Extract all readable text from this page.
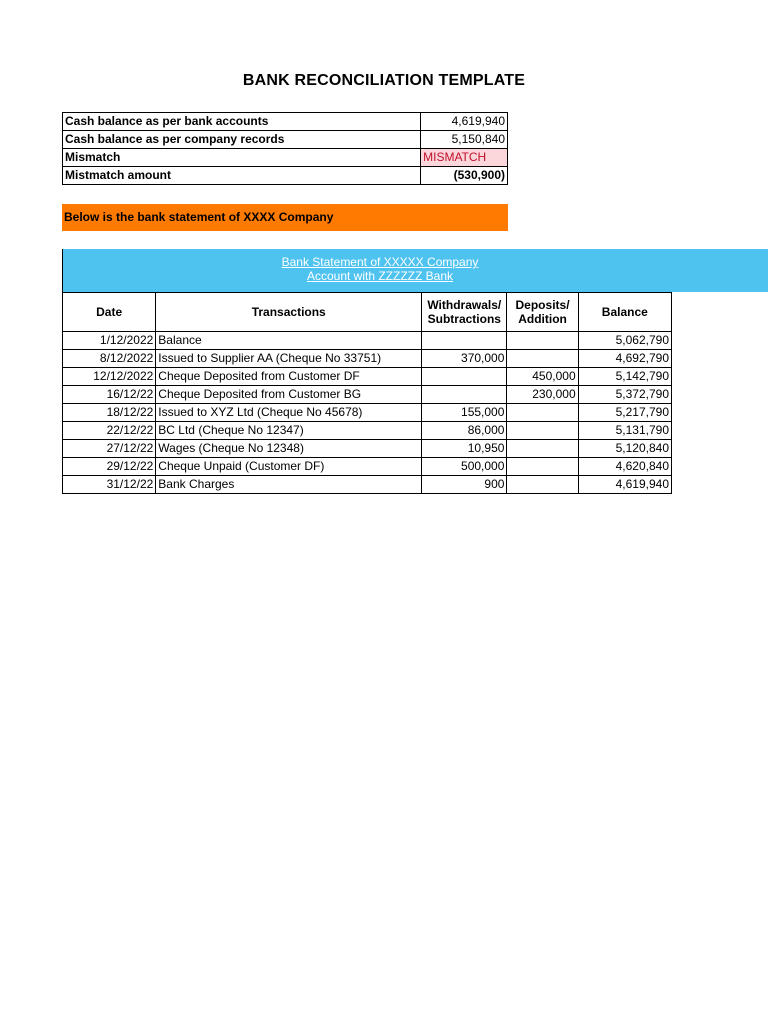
BANK RECONCILIATION TEMPLATE
Cash balance as per bank accounts	4,619,940
Cash balance as per company records	5,150,840
Mismatch	MISMATCH
Mistmatch amount	(530,900)
Below is the bank statement of XXXX Company
Bank Statement of XXXXX Company
Account with ZZZZZZ Bank
Date	Transactions	Withdrawals/ Subtractions	Deposits/ Addition	Balance
1/12/2022	Balance			5,062,790
8/12/2022	Issued to Supplier AA (Cheque No 33751)	370,000		4,692,790
12/12/2022	Cheque Deposited from Customer DF		450,000	5,142,790
16/12/22	Cheque Deposited from Customer BG		230,000	5,372,790
18/12/22	Issued to XYZ Ltd (Cheque No 45678)	155,000		5,217,790
22/12/22	BC Ltd (Cheque No 12347)	86,000		5,131,790
27/12/22	Wages (Cheque No 12348)	10,950		5,120,840
29/12/22	Cheque Unpaid (Customer DF)	500,000		4,620,840
31/12/22	Bank Charges	900		4,619,940
